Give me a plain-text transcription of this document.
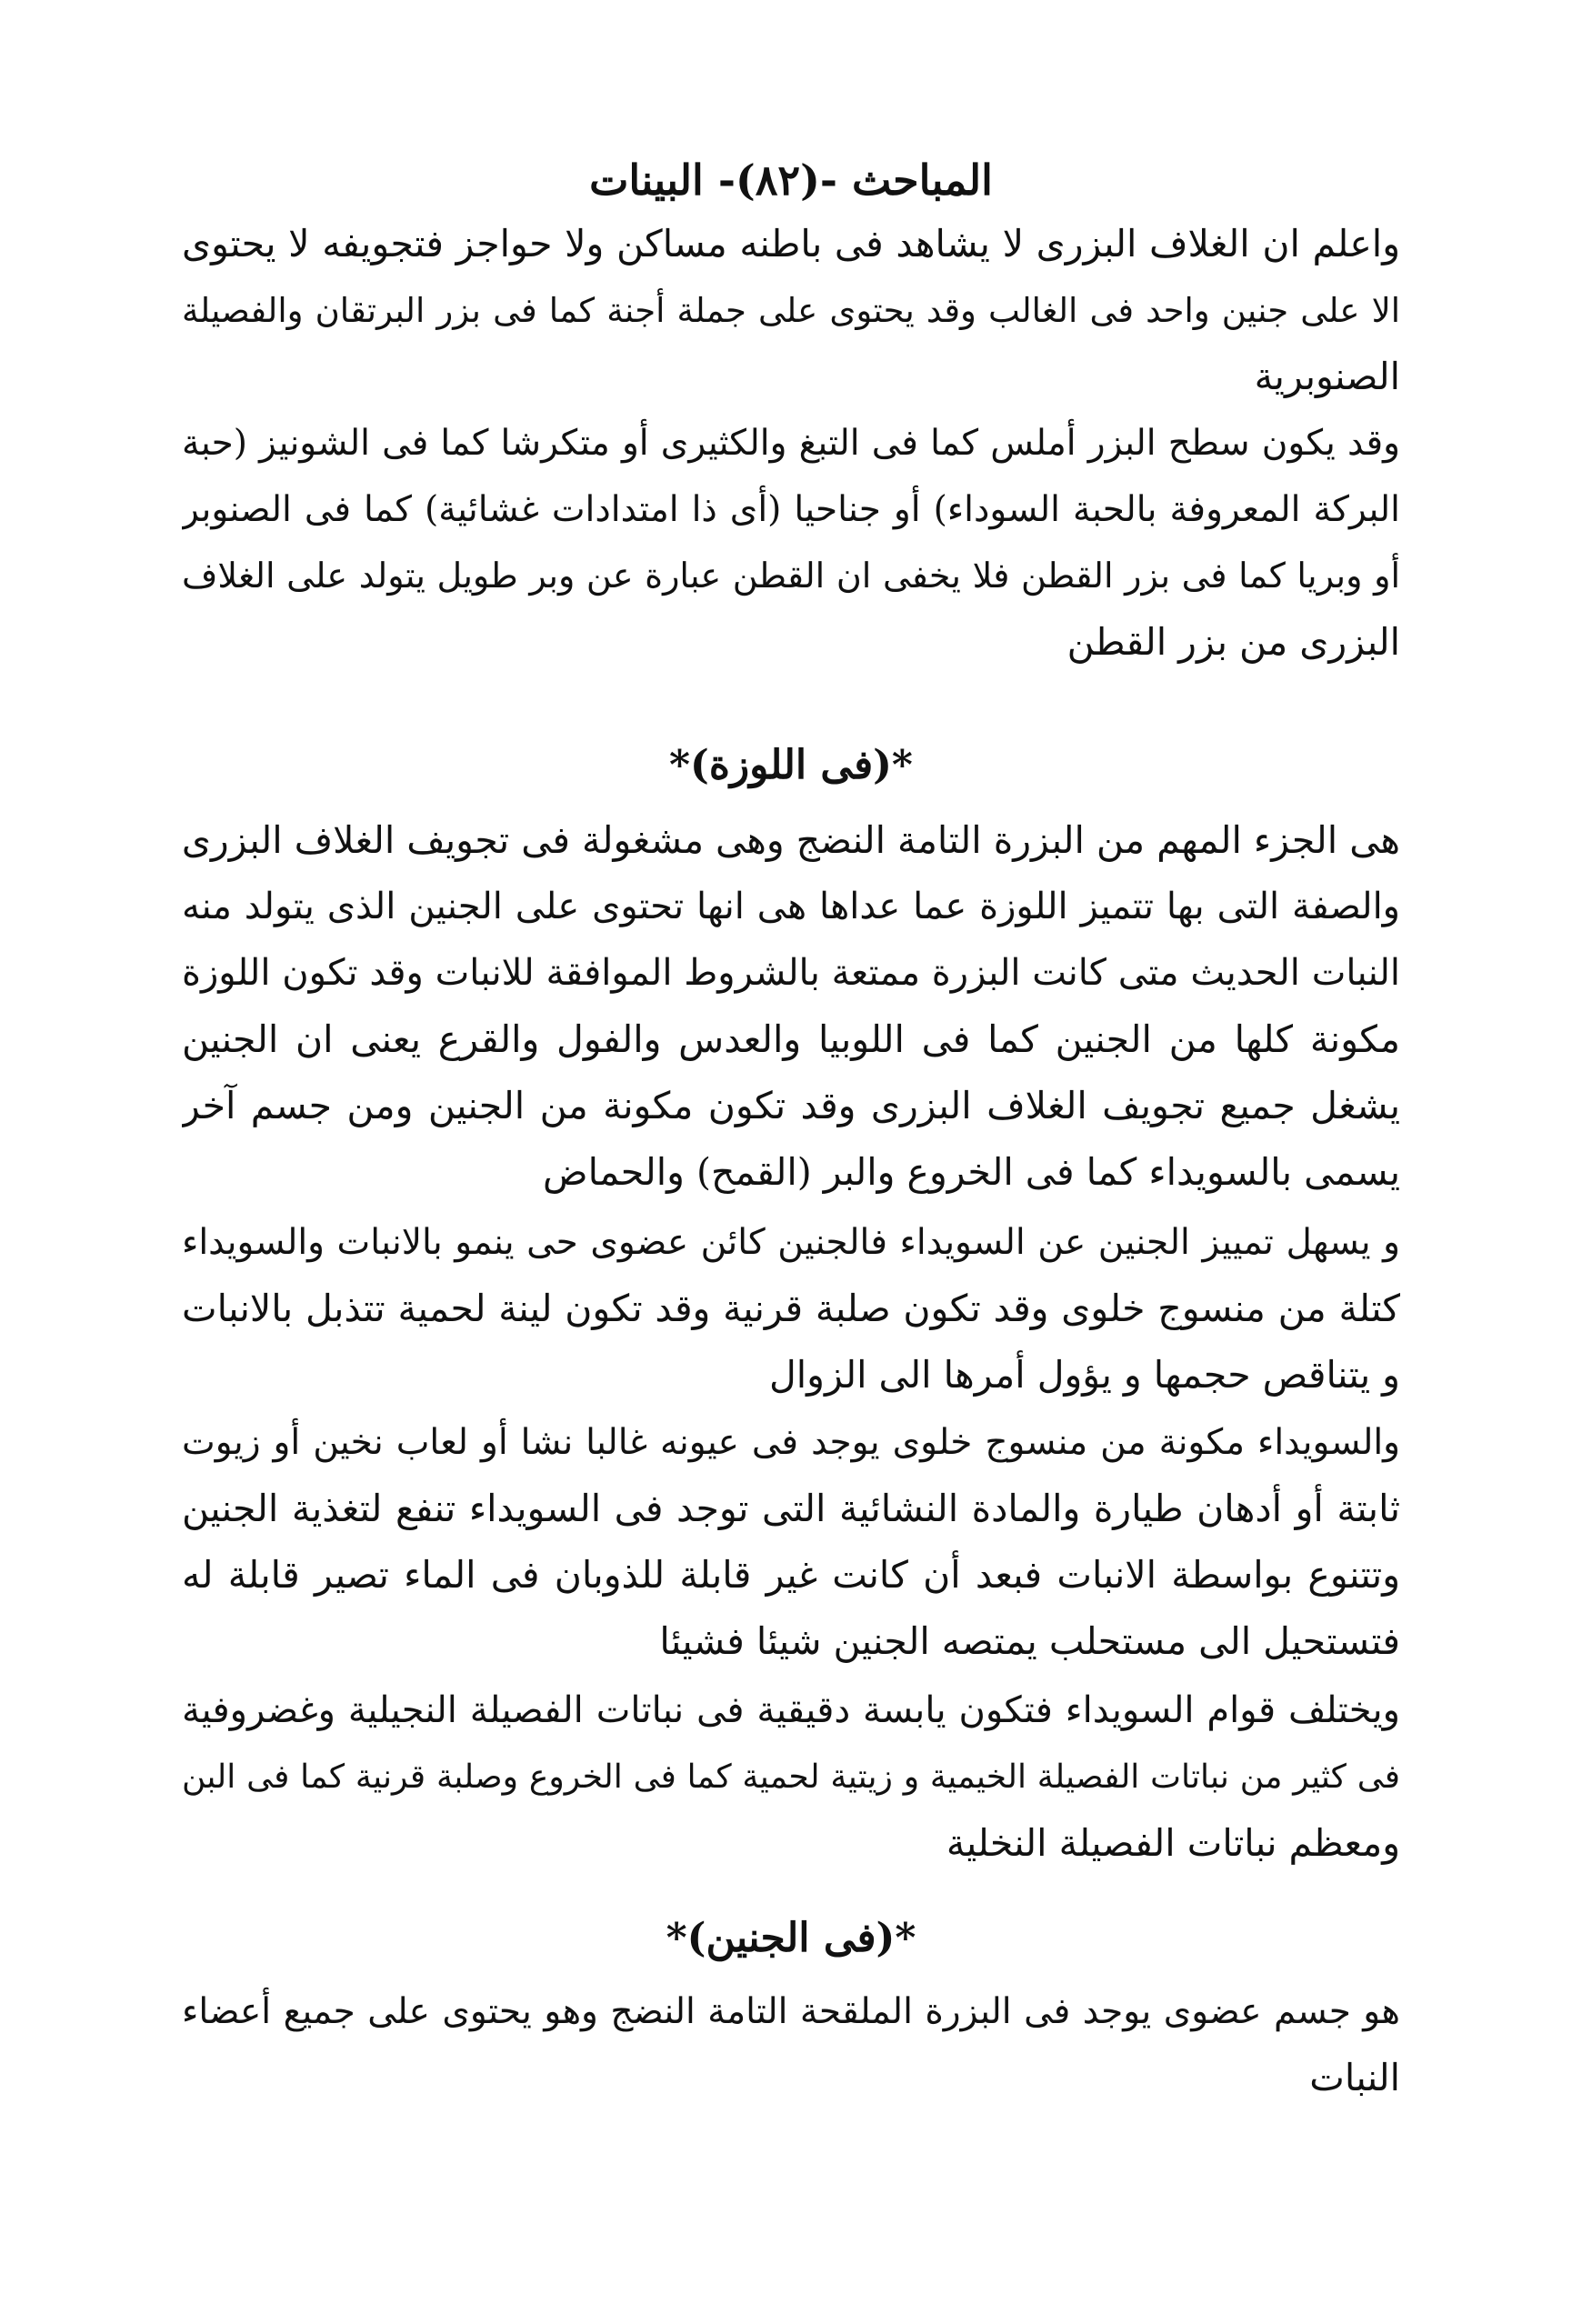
المباحث -(٨٢)- البينات
واعلم ان الغلاف البزرى لا يشاهد فى باطنه مساكن ولا حواجز فتجويفه لا يحتوى
الا على جنين واحد فى الغالب وقد يحتوى على جملة أجنة كما فى بزر البرتقان والفصيلة
الصنوبرية
وقد يكون سطح البزر أملس كما فى التبغ والكثيرى أو متكرشا كما فى الشونيز (حبة
البركة المعروفة بالحبة السوداء) أو جناحيا (أى ذا امتدادات غشائية) كما فى الصنوبر
أو وبريا كما فى بزر القطن فلا يخفى ان القطن عبارة عن وبر طويل يتولد على الغلاف
البزرى من بزر القطن
*(فى اللوزة)*
هى الجزء المهم من البزرة التامة النضج وهى مشغولة فى تجويف الغلاف البزرى
والصفة التى بها تتميز اللوزة عما عداها هى انها تحتوى على الجنين الذى يتولد منه
النبات الحديث متى كانت البزرة ممتعة بالشروط الموافقة للانبات وقد تكون اللوزة
مكونة كلها من الجنين كما فى اللوبيا والعدس والفول والقرع يعنى ان الجنين
يشغل جميع تجويف الغلاف البزرى وقد تكون مكونة من الجنين ومن جسم آخر
يسمى بالسويداء كما فى الخروع والبر (القمح) والحماض
و يسهل تمييز الجنين عن السويداء فالجنين كائن عضوى حى ينمو بالانبات والسويداء
كتلة من منسوج خلوى وقد تكون صلبة قرنية وقد تكون لينة لحمية تتذبل بالانبات
و يتناقص حجمها و يؤول أمرها الى الزوال
والسويداء مكونة من منسوج خلوى يوجد فى عيونه غالبا نشا أو لعاب نخين أو زيوت
ثابتة أو أدهان طيارة والمادة النشائية التى توجد فى السويداء تنفع لتغذية الجنين
وتتنوع بواسطة الانبات فبعد أن كانت غير قابلة للذوبان فى الماء تصير قابلة له
فتستحيل الى مستحلب يمتصه الجنين شيئا فشيئا
ويختلف قوام السويداء فتكون يابسة دقيقية فى نباتات الفصيلة النجيلية وغضروفية
فى كثير من نباتات الفصيلة الخيمية و زيتية لحمية كما فى الخروع وصلبة قرنية كما فى البن
ومعظم نباتات الفصيلة النخلية
*(فى الجنين)*
هو جسم عضوى يوجد فى البزرة الملقحة التامة النضج وهو يحتوى على جميع أعضاء
النبات
